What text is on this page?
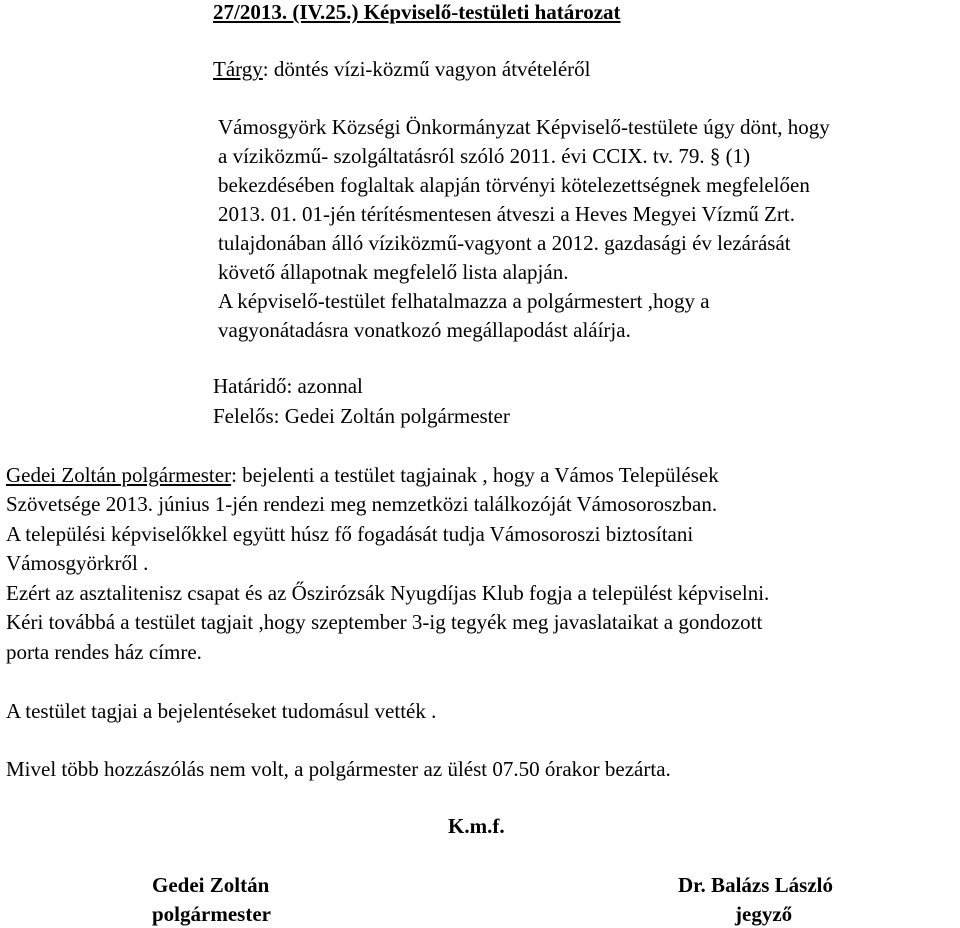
27/2013. (IV.25.) Képviselő-testületi határozat
Tárgy: döntés vízi-közmű vagyon átvételéről
Vámosgyörk Községi Önkormányzat Képviselő-testülete úgy dönt, hogy
a víziközmű- szolgáltatásról szóló 2011. évi CCIX. tv. 79. § (1)
bekezdésében foglaltak alapján törvényi kötelezettségnek megfelelően
2013. 01. 01-jén térítésmentesen átveszi a Heves Megyei Vízmű Zrt.
tulajdonában álló víziközmű-vagyont a 2012. gazdasági év lezárását
követő állapotnak megfelelő lista alapján.
A képviselő-testület felhatalmazza a polgármestert ,hogy a
vagyonátadásra vonatkozó megállapodást aláírja.
Határidő: azonnal
Felelős: Gedei Zoltán polgármester
Gedei Zoltán polgármester: bejelenti a testület tagjainak , hogy a Vámos Települések
Szövetsége 2013. június 1-jén rendezi meg nemzetközi találkozóját Vámosoroszban.
A települési képviselőkkel együtt húsz fő fogadását tudja Vámosoroszi biztosítani
Vámosgyörkről .
Ezért az asztalitenisz csapat és az Őszirózsák Nyugdíjas Klub fogja a települést képviselni.
Kéri továbbá a testület tagjait ,hogy szeptember 3-ig tegyék meg javaslataikat a gondozott
porta rendes ház címre.
A testület tagjai a bejelentéseket tudomásul vették .
Mivel több hozzászólás nem volt, a polgármester az ülést 07.50 órakor bezárta.
K.m.f.
Gedei Zoltán
polgármester
Dr. Balázs László
jegyző
